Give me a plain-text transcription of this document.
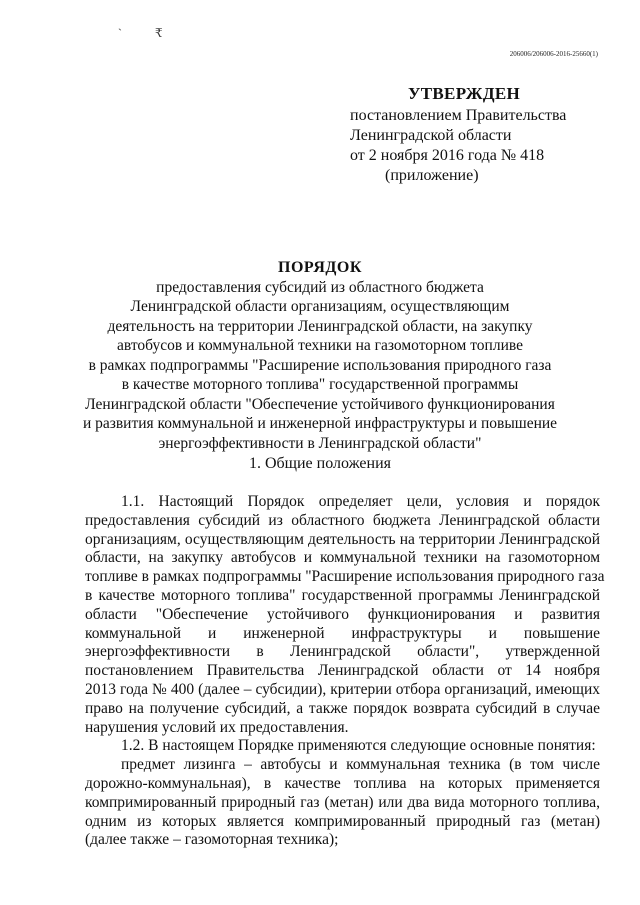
`	₹
206006/206006-2016-25660(1)
УТВЕРЖДЕН
постановлением Правительства
Ленинградской области
от 2 ноября 2016 года № 418
(приложение)
ПОРЯДОК
предоставления субсидий из областного бюджета
Ленинградской области организациям, осуществляющим
деятельность на территории Ленинградской области, на закупку
автобусов и коммунальной техники на газомоторном топливе
в рамках подпрограммы "Расширение использования природного газа
в качестве моторного топлива" государственной программы
Ленинградской области "Обеспечение устойчивого функционирования
и развития коммунальной и инженерной инфраструктуры и повышение
энергоэффективности в Ленинградской области"
1. Общие положения
1.1. Настоящий Порядок определяет цели, условия и порядок
предоставления субсидий из областного бюджета Ленинградской области
организациям, осуществляющим деятельность на территории Ленинградской
области, на закупку автобусов и коммунальной техники на газомоторном
топливе в рамках подпрограммы "Расширение использования природного газа
в качестве моторного топлива" государственной программы Ленинградской
области "Обеспечение устойчивого функционирования и развития
коммунальной и инженерной инфраструктуры и повышение
энергоэффективности в Ленинградской области", утвержденной
постановлением Правительства Ленинградской области от 14 ноября
2013 года № 400 (далее – субсидии), критерии отбора организаций, имеющих
право на получение субсидий, а также порядок возврата субсидий в случае
нарушения условий их предоставления.
1.2. В настоящем Порядке применяются следующие основные понятия:
предмет лизинга – автобусы и коммунальная техника (в том числе
дорожно-коммунальная), в качестве топлива на которых применяется
компримированный природный газ (метан) или два вида моторного топлива,
одним из которых является компримированный природный газ (метан)
(далее также – газомоторная техника);
